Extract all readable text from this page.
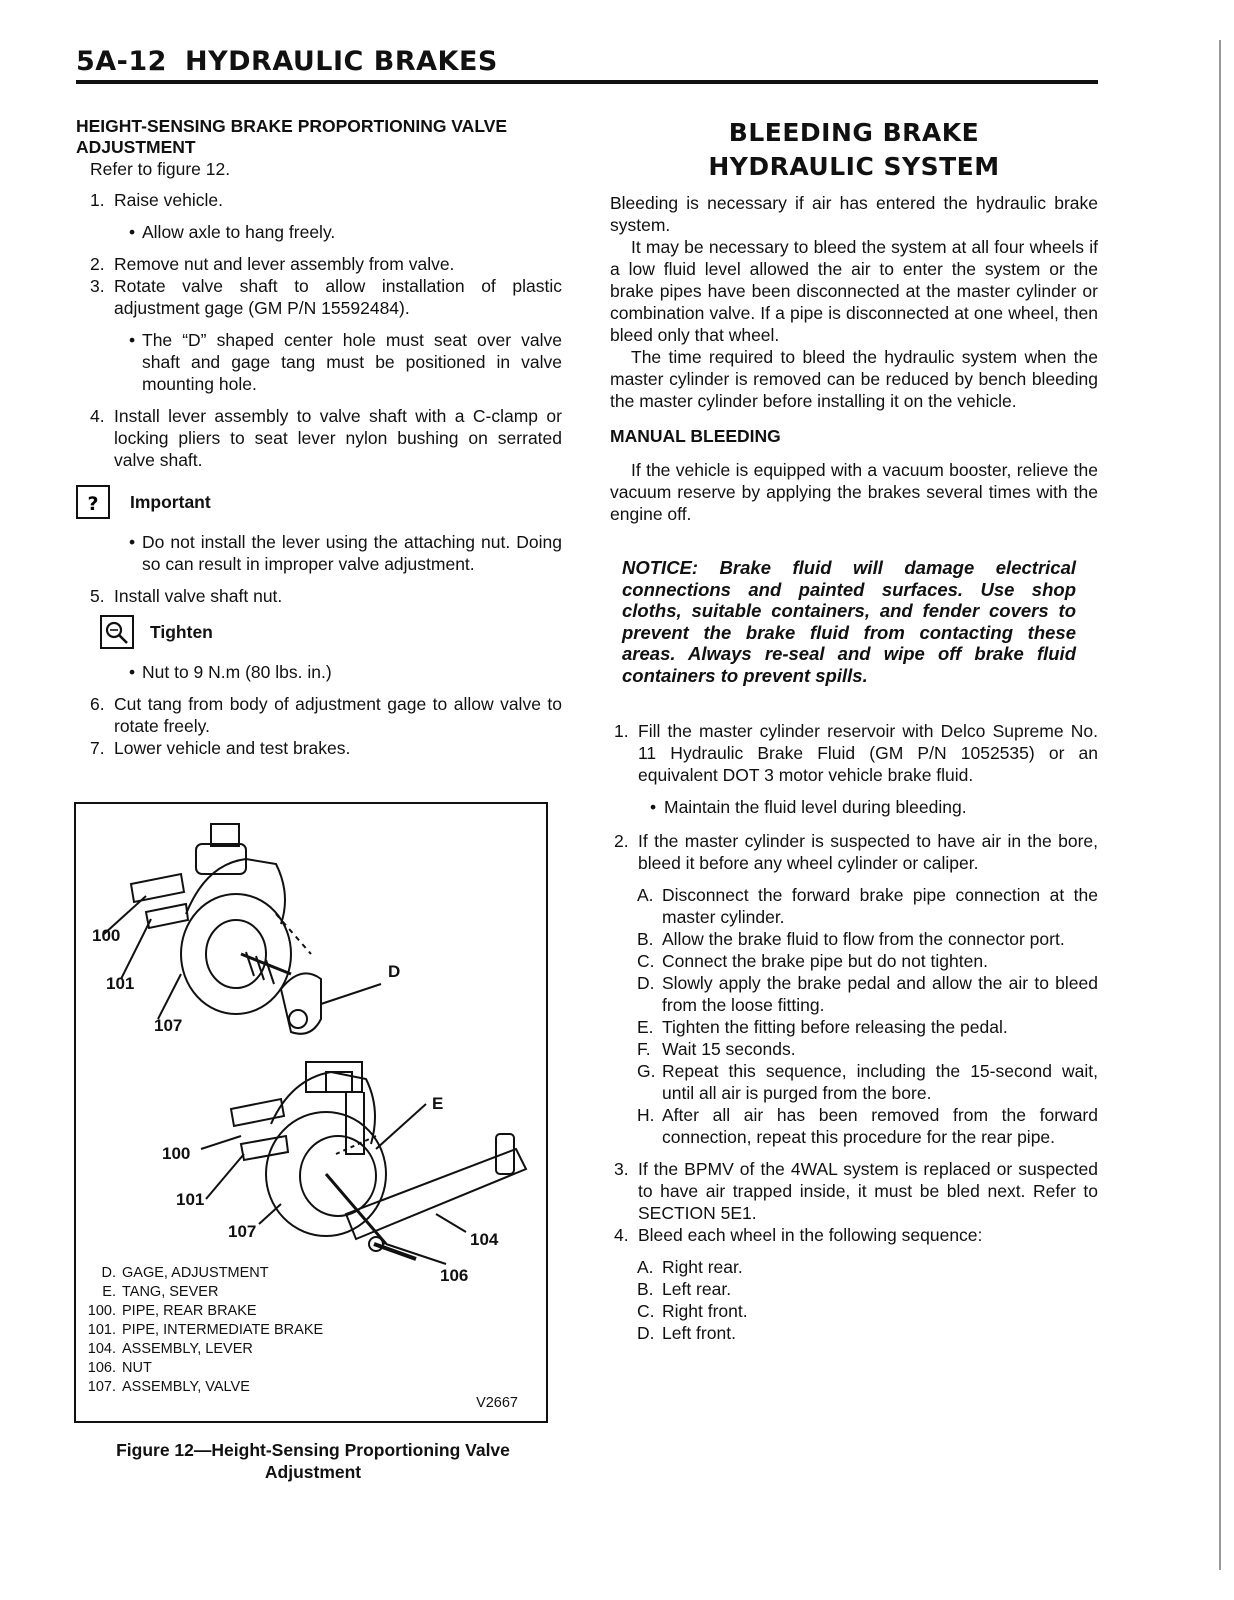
5A-12 HYDRAULIC BRAKES
HEIGHT-SENSING BRAKE PROPORTIONING VALVE ADJUSTMENT

Refer to figure 12.

1. Raise vehicle.
• Allow axle to hang freely.
2. Remove nut and lever assembly from valve.
3. Rotate valve shaft to allow installation of plastic adjustment gage (GM P/N 15592484).
• The “D” shaped center hole must seat over valve shaft and gage tang must be positioned in valve mounting hole.
4. Install lever assembly to valve shaft with a C-clamp or locking pliers to seat lever nylon bushing on serrated valve shaft.
? Important
• Do not install the lever using the attaching nut. Doing so can result in improper valve adjustment.
5. Install valve shaft nut.
Tighten
• Nut to 9 N.m (80 lbs. in.)
6. Cut tang from body of adjustment gage to allow valve to rotate freely.
7. Lower vehicle and test brakes.
100
101
107
D
E
100
101
107	104
106
D. GAGE, ADJUSTMENT
E. TANG, SEVER
100. PIPE, REAR BRAKE
101. PIPE, INTERMEDIATE BRAKE
104. ASSEMBLY, LEVER
106. NUT
107. ASSEMBLY, VALVE
V2667
Figure 12—Height-Sensing Proportioning Valve Adjustment
BLEEDING BRAKE
HYDRAULIC SYSTEM

Bleeding is necessary if air has entered the hydraulic brake system.

It may be necessary to bleed the system at all four wheels if a low fluid level allowed the air to enter the system or the brake pipes have been disconnected at the master cylinder or combination valve. If a pipe is disconnected at one wheel, then bleed only that wheel.

The time required to bleed the hydraulic system when the master cylinder is removed can be reduced by bench bleeding the master cylinder before installing it on the vehicle.

MANUAL BLEEDING

If the vehicle is equipped with a vacuum booster, relieve the vacuum reserve by applying the brakes several times with the engine off.

NOTICE: Brake fluid will damage electrical connections and painted surfaces. Use shop cloths, suitable containers, and fender covers to prevent the brake fluid from contacting these areas. Always re-seal and wipe off brake fluid containers to prevent spills.
1. Fill the master cylinder reservoir with Delco Supreme No. 11 Hydraulic Brake Fluid (GM P/N 1052535) or an equivalent DOT 3 motor vehicle brake fluid.
• Maintain the fluid level during bleeding.
2. If the master cylinder is suspected to have air in the bore, bleed it before any wheel cylinder or caliper.
A. Disconnect the forward brake pipe connection at the master cylinder.
B. Allow the brake fluid to flow from the connector port.
C. Connect the brake pipe but do not tighten.
D. Slowly apply the brake pedal and allow the air to bleed from the loose fitting.
E. Tighten the fitting before releasing the pedal.
F. Wait 15 seconds.
G. Repeat this sequence, including the 15-second wait, until all air is purged from the bore.
H. After all air has been removed from the forward connection, repeat this procedure for the rear pipe.
3. If the BPMV of the 4WAL system is replaced or suspected to have air trapped inside, it must be bled next. Refer to SECTION 5E1.
4. Bleed each wheel in the following sequence:
A. Right rear.
B. Left rear.
C. Right front.
D. Left front.
